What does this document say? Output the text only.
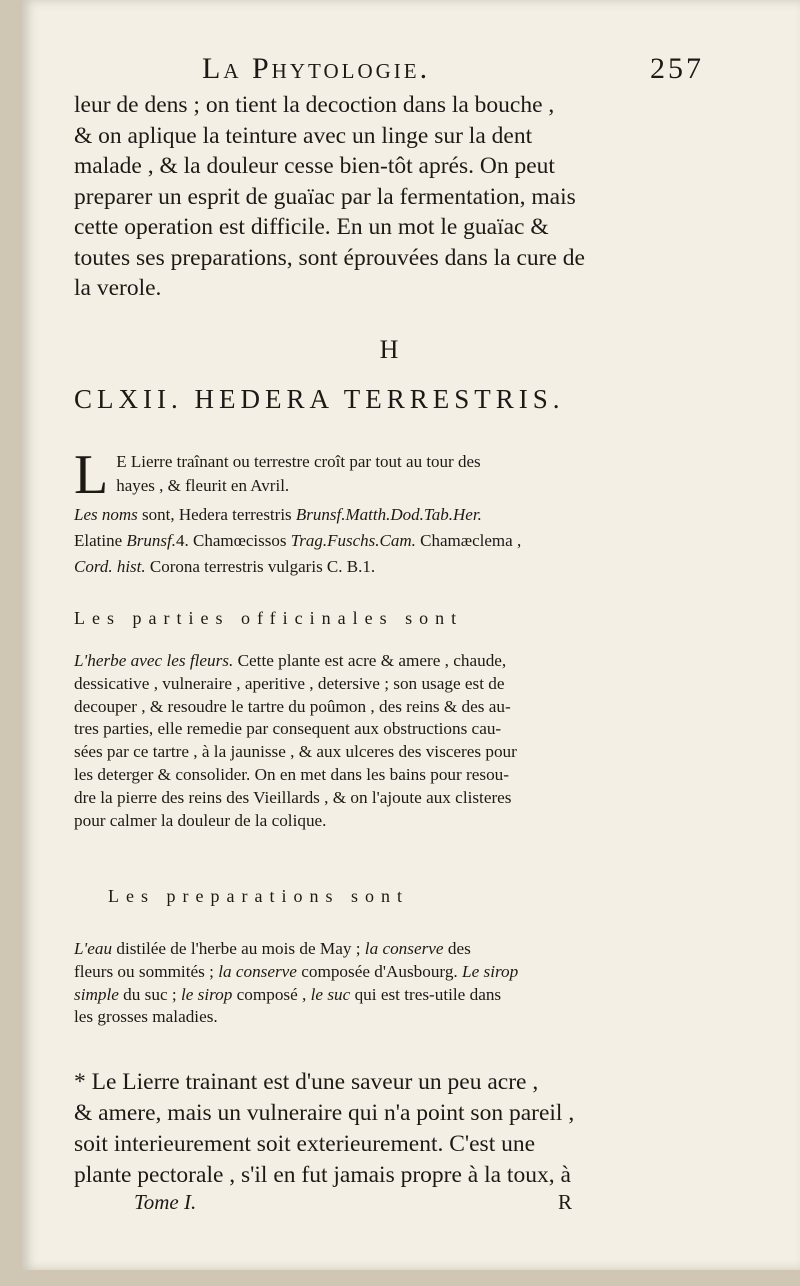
La Phytologie.	257
leur de dens ; on tient la decoction dans la bouche ,
& on aplique la teinture avec un linge sur la dent
malade , & la douleur cesse bien-tôt aprés. On peut
preparer un esprit de guaïac par la fermentation, mais
cette operation est difficile. En un mot le guaïac &
toutes ses preparations, sont éprouvées dans la cure de
la verole.
H
CLXII. HEDERA TERRESTRIS.
L E Lierre traînant ou terrestre croît par tout au tour des
hayes , & fleurit en Avril.
Les noms sont, Hedera terrestris Brunsf.Matth.Dod.Tab.Her.
Elatine Brunsf.4. Chamœcissos Trag.Fuschs.Cam. Chamæclema ,
Cord. hist. Corona terrestris vulgaris C. B.1.
Les parties officinales sont
L'herbe avec les fleurs. Cette plante est acre & amere , chaude,
dessicative , vulneraire , aperitive , detersive ; son usage est de
decouper , & resoudre le tartre du poûmon , des reins & des au-
tres parties, elle remedie par consequent aux obstructions cau-
sées par ce tartre , à la jaunisse , & aux ulceres des visceres pour
les deterger & consolider. On en met dans les bains pour resou-
dre la pierre des reins des Vieillards , & on l'ajoute aux clisteres
pour calmer la douleur de la colique.
Les preparations sont
L'eau distilée de l'herbe au mois de May ; la conserve des
fleurs ou sommités ; la conserve composée d'Ausbourg. Le sirop
simple du suc ; le sirop composé , le suc qui est tres-utile dans
les grosses maladies.
* Le Lierre trainant est d'une saveur un peu acre ,
& amere, mais un vulneraire qui n'a point son pareil ,
soit interieurement soit exterieurement. C'est une
plante pectorale , s'il en fut jamais propre à la toux, à
Tome I.	R
